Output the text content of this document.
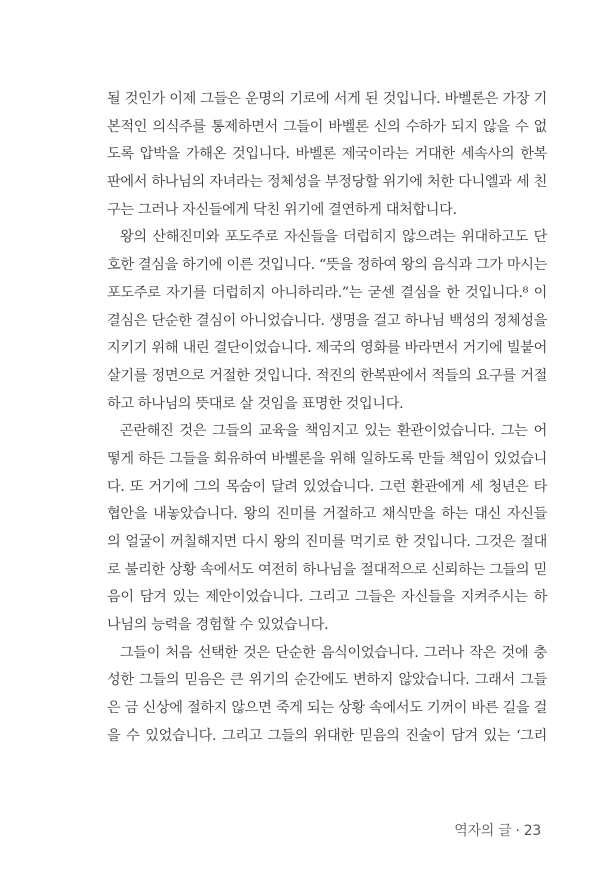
될 것인가 이제 그들은 운명의 기로에 서게 된 것입니다. 바벨론은 가장 기
본적인 의식주를 통제하면서 그들이 바벨론 신의 수하가 되지 않을 수 없
도록 압박을 가해온 것입니다. 바벨론 제국이라는 거대한 세속사의 한복
판에서 하나님의 자녀라는 정체성을 부정당할 위기에 처한 다니엘과 세 친
구는 그러나 자신들에게 닥친 위기에 결연하게 대처합니다.
왕의 산해진미와 포도주로 자신들을 더럽히지 않으려는 위대하고도 단
호한 결심을 하기에 이른 것입니다. “뜻을 정하여 왕의 음식과 그가 마시는
포도주로 자기를 더럽히지 아니하리라.”는 굳센 결심을 한 것입니다.⁸ 이
결심은 단순한 결심이 아니었습니다. 생명을 걸고 하나님 백성의 정체성을
지키기 위해 내린 결단이었습니다. 제국의 영화를 바라면서 거기에 빌붙어
살기를 정면으로 거절한 것입니다. 적진의 한복판에서 적들의 요구를 거절
하고 하나님의 뜻대로 살 것임을 표명한 것입니다.
곤란해진 것은 그들의 교육을 책임지고 있는 환관이었습니다. 그는 어
떻게 하든 그들을 회유하여 바벨론을 위해 일하도록 만들 책임이 있었습니
다. 또 거기에 그의 목숨이 달려 있었습니다. 그런 환관에게 세 청년은 타
협안을 내놓았습니다. 왕의 진미를 거절하고 채식만을 하는 대신 자신들
의 얼굴이 꺼칠해지면 다시 왕의 진미를 먹기로 한 것입니다. 그것은 절대
로 불리한 상황 속에서도 여전히 하나님을 절대적으로 신뢰하는 그들의 믿
음이 담겨 있는 제안이었습니다. 그리고 그들은 자신들을 지켜주시는 하
나님의 능력을 경험할 수 있었습니다.
그들이 처음 선택한 것은 단순한 음식이었습니다. 그러나 작은 것에 충
성한 그들의 믿음은 큰 위기의 순간에도 변하지 않았습니다. 그래서 그들
은 금 신상에 절하지 않으면 죽게 되는 상황 속에서도 기꺼이 바른 길을 걸
을 수 있었습니다. 그리고 그들의 위대한 믿음의 진술이 담겨 있는 ‘그리
역자의 글 · 23
